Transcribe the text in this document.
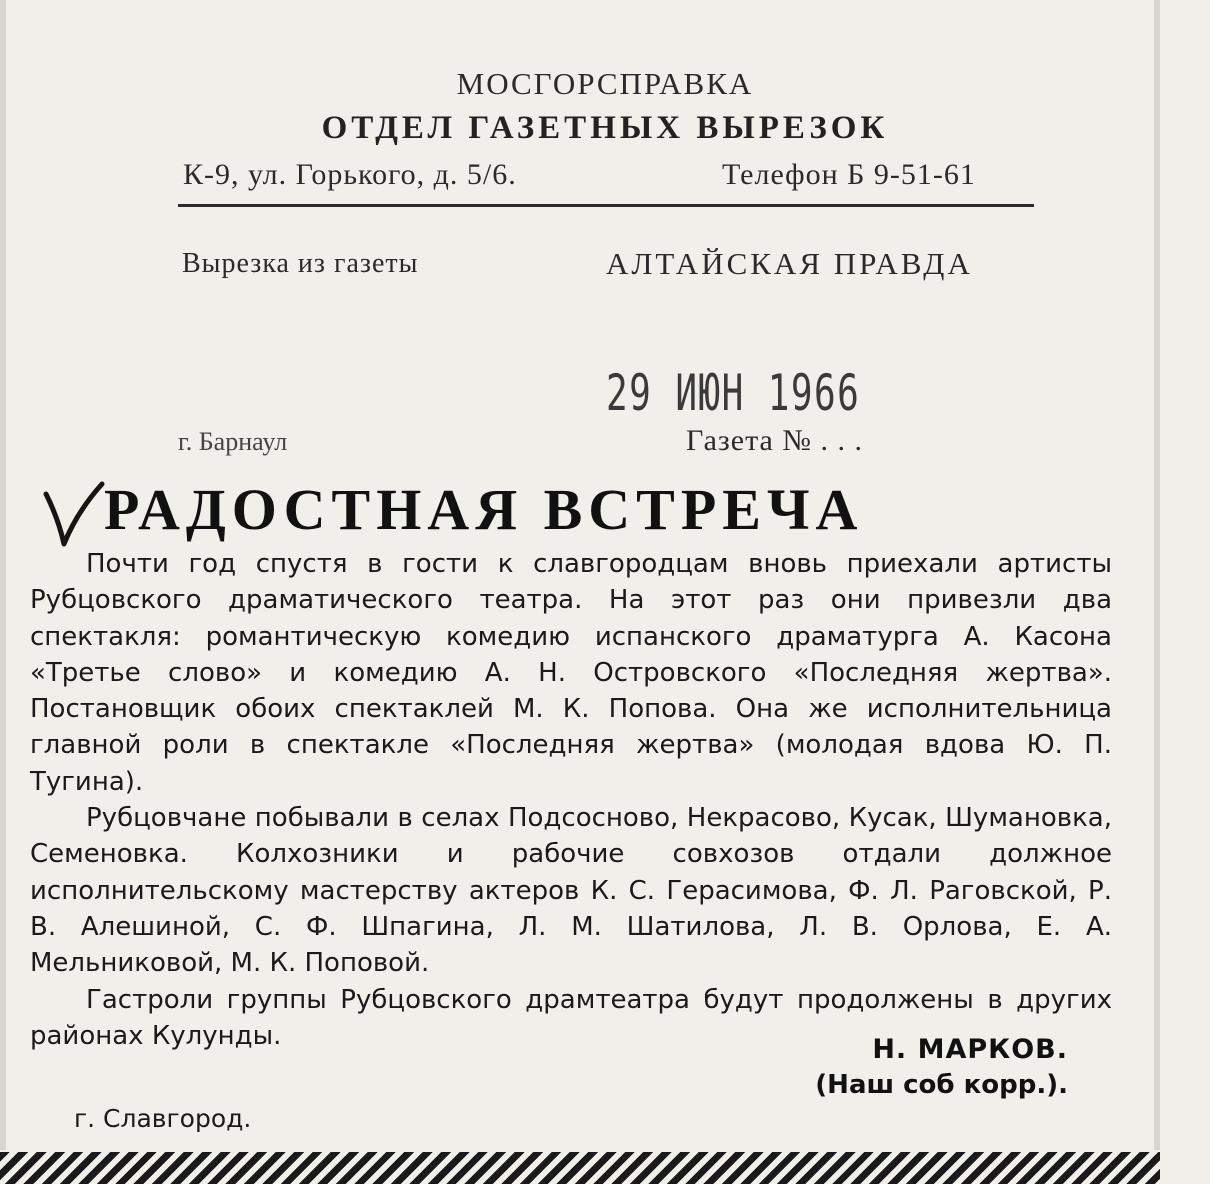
МОСГОРСПРАВКА
ОТДЕЛ ГАЗЕТНЫХ ВЫРЕЗОК
К-9, ул. Горького, д. 5/6.	Телефон Б 9-51-61
Вырезка из газеты	АЛТАЙСКАЯ ПРАВДА
29 ИЮН 1966
г. Барнаул	Газета № . . .
РАДОСТНАЯ ВСТРЕЧА

Почти год спустя в гости к славгородцам вновь приехали артисты Рубцовского драматического театра. На этот раз они привезли два спектакля: романтическую комедию испанского драматурга А. Касона «Третье слово» и комедию А. Н. Островского «Последняя жертва». Постановщик обоих спектаклей М. К. Попова. Она же исполнительница главной роли в спектакле «Последняя жертва» (молодая вдова Ю. П. Тугина).

Рубцовчане побывали в селах Подсосново, Некрасово, Кусак, Шумановка, Семеновка. Колхозники и рабочие совхозов отдали должное исполнительскому мастерству актеров К. С. Герасимова, Ф. Л. Раговской, Р. В. Алешиной, С. Ф. Шпагина, Л. М. Шатилова, Л. В. Орлова, Е. А. Мельниковой, М. К. Поповой.

Гастроли группы Рубцовского драмтеатра будут продолжены в других районах Кулунды.	Н. МАРКОВ.
(Наш соб корр.).
г. Славгород.
